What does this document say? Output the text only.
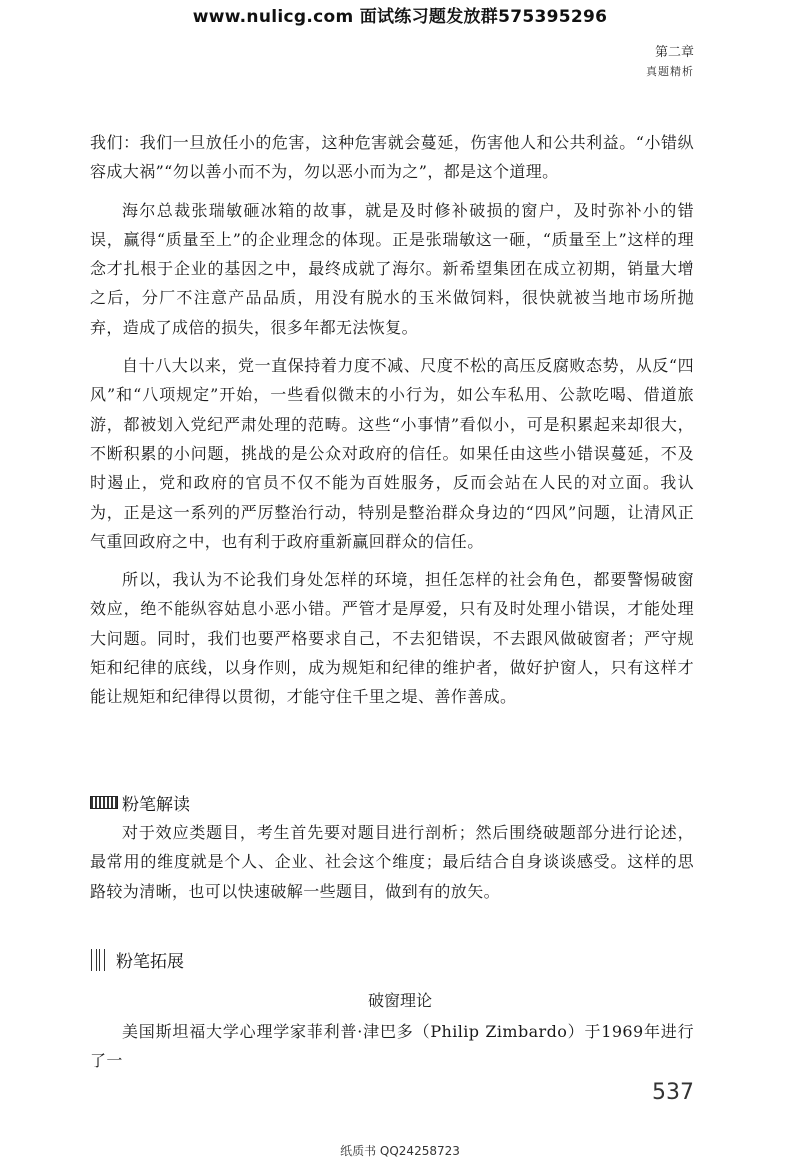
www.nulicg.com 面试练习题发放群575395296
第二章
真题精析

我们：我们一旦放任小的危害，这种危害就会蔓延，伤害他人和公共利益。“小错纵容成大祸”“勿以善小而不为，勿以恶小而为之”，都是这个道理。

海尔总裁张瑞敏砸冰箱的故事，就是及时修补破损的窗户，及时弥补小的错误，赢得“质量至上”的企业理念的体现。正是张瑞敏这一砸，“质量至上”这样的理念才扎根于企业的基因之中，最终成就了海尔。新希望集团在成立初期，销量大增之后，分厂不注意产品品质，用没有脱水的玉米做饲料，很快就被当地市场所抛弃，造成了成倍的损失，很多年都无法恢复。

自十八大以来，党一直保持着力度不减、尺度不松的高压反腐败态势，从反“四风”和“八项规定”开始，一些看似微末的小行为，如公车私用、公款吃喝、借道旅游，都被划入党纪严肃处理的范畴。这些“小事情”看似小，可是积累起来却很大，不断积累的小问题，挑战的是公众对政府的信任。如果任由这些小错误蔓延，不及时遏止，党和政府的官员不仅不能为百姓服务，反而会站在人民的对立面。我认为，正是这一系列的严厉整治行动，特别是整治群众身边的“四风”问题，让清风正气重回政府之中，也有利于政府重新赢回群众的信任。

所以，我认为不论我们身处怎样的环境，担任怎样的社会角色，都要警惕破窗效应，绝不能纵容姑息小恶小错。严管才是厚爱，只有及时处理小错误，才能处理大问题。同时，我们也要严格要求自己，不去犯错误，不去跟风做破窗者；严守规矩和纪律的底线，以身作则，成为规矩和纪律的维护者，做好护窗人，只有这样才能让规矩和纪律得以贯彻，才能守住千里之堤、善作善成。

粉笔解读

对于效应类题目，考生首先要对题目进行剖析；然后围绕破题部分进行论述，最常用的维度就是个人、企业、社会这个维度；最后结合自身谈谈感受。这样的思路较为清晰，也可以快速破解一些题目，做到有的放矢。

粉笔拓展
破窗理论

美国斯坦福大学心理学家菲利普·津巴多（Philip Zimbardo）于1969年进行了一

537
纸质书 QQ24258723
